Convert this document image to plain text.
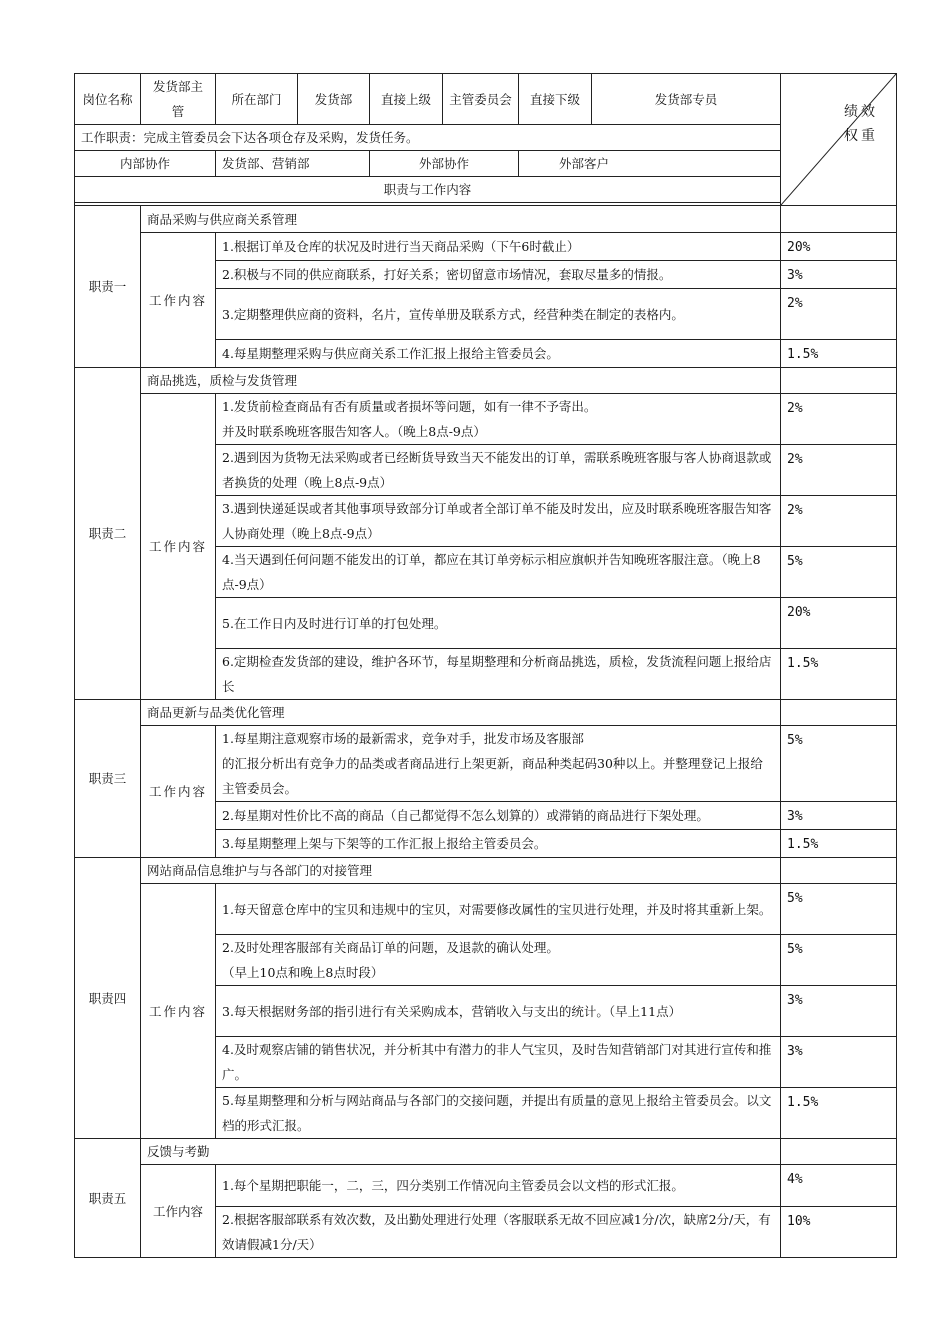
岗位名称	发货部主管	所在部门	发货部	直接上级	主管委员会	直接下级	发货部专员	绩效权重

工作职责：完成主管委员会下达各项仓存及采购，发货任务。								
内部协作		发货部、营销部		外部协作		外部客户		
职责与工作内容								

职责一	商品采购与供应商关系管理							
	工作内容	1.根据订单及仓库的状况及时进行当天商品采购（下午6时截止）						20%
		2.积极与不同的供应商联系，打好关系；密切留意市场情况，套取尽量多的情报。						3%
		3.定期整理供应商的资料，名片，宣传单册及联系方式，经营种类在制定的表格内。						2%
		4.每星期整理采购与供应商关系工作汇报上报给主管委员会。						1.5%
职责二	商品挑选，质检与发货管理							
	工作内容	1.发货前检查商品有否有质量或者损坏等问题，如有一律不予寄出。
并及时联系晚班客服告知客人。（晚上8点-9点）						2%
		2.遇到因为货物无法采购或者已经断货导致当天不能发出的订单，需联系晚班客服与客人协商退款或者换货的处理（晚上8点-9点）						2%
		3.遇到快递延误或者其他事项导致部分订单或者全部订单不能及时发出，应及时联系晚班客服告知客人协商处理（晚上8点-9点）						2%
		4.当天遇到任何问题不能发出的订单，都应在其订单旁标示相应旗帜并告知晚班客服注意。（晚上8点-9点）						5%
		5.在工作日内及时进行订单的打包处理。						20%
		6.定期检查发货部的建设，维护各环节，每星期整理和分析商品挑选，质检，发货流程问题上报给店长						1.5%
职责三	商品更新与品类优化管理							
	工作内容	1.每星期注意观察市场的最新需求，竞争对手，批发市场及客服部
的汇报分析出有竞争力的品类或者商品进行上架更新，商品种类起码30种以上。并整理登记上报给主管委员会。						5%
		2.每星期对性价比不高的商品（自己都觉得不怎么划算的）或滞销的商品进行下架处理。						3%
		3.每星期整理上架与下架等的工作汇报上报给主管委员会。						1.5%
职责四	网站商品信息维护与与各部门的对接管理							
	工作内容	1.每天留意仓库中的宝贝和违规中的宝贝，对需要修改属性的宝贝进行处理，并及时将其重新上架。						5%
		2.及时处理客服部有关商品订单的问题，及退款的确认处理。
（早上10点和晚上8点时段）						5%
		3.每天根据财务部的指引进行有关采购成本，营销收入与支出的统计。（早上11点）						3%
		4.及时观察店铺的销售状况，并分析其中有潜力的非人气宝贝，及时告知营销部门对其进行宣传和推广。						3%
		5.每星期整理和分析与网站商品与各部门的交接问题，并提出有质量的意见上报给主管委员会。以文档的形式汇报。						1.5%
职责五	反馈与考勤							
	工作内容	1.每个星期把职能一，二，三，四分类别工作情况向主管委员会以文档的形式汇报。						4%
		2.根据客服部联系有效次数，及出勤处理进行处理（客服联系无故不回应减1分/次，缺席2分/天，有效请假减1分/天）						10%
